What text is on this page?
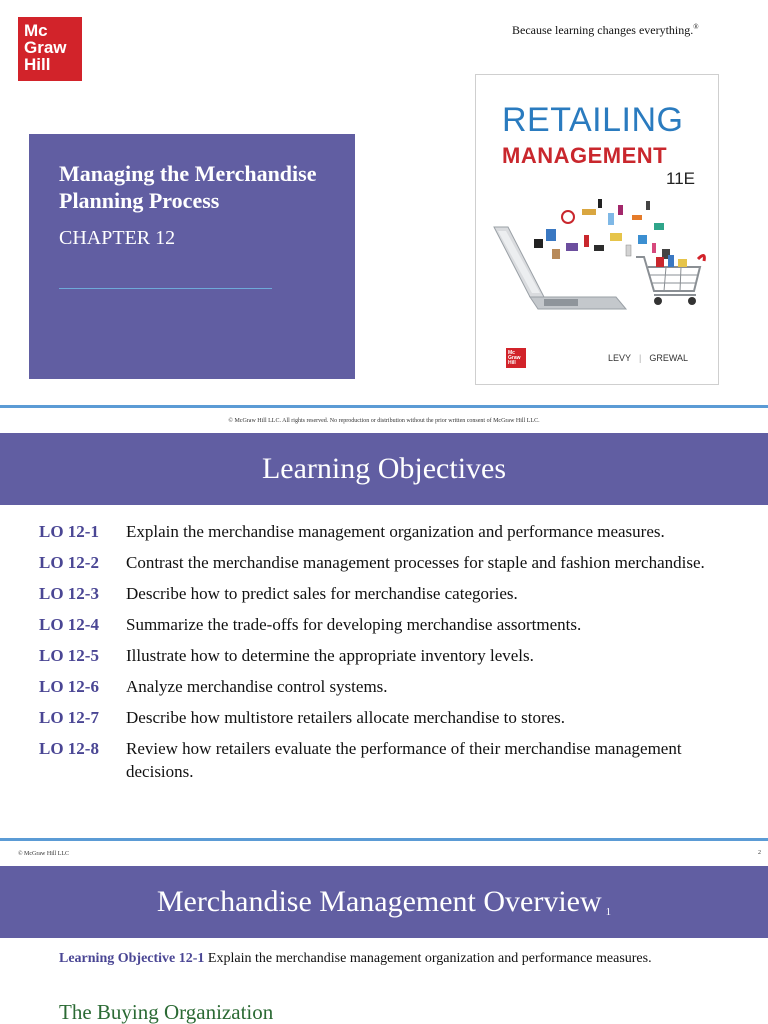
Mc
Graw
Hill
Because learning changes everything.®
Managing the Merchandise Planning Process
CHAPTER 12
RETAILING
MANAGEMENT
11E
Mc
Graw
Hill	LEVY | GREWAL
© McGraw Hill LLC. All rights reserved. No reproduction or distribution without the prior written consent of McGraw Hill LLC.
Learning Objectives
LO 12-1	Explain the merchandise management organization and performance measures.
LO 12-2	Contrast the merchandise management processes for staple and fashion merchandise.
LO 12-3	Describe how to predict sales for merchandise categories.
LO 12-4	Summarize the trade-offs for developing merchandise assortments.
LO 12-5	Illustrate how to determine the appropriate inventory levels.
LO 12-6	Analyze merchandise control systems.
LO 12-7	Describe how multistore retailers allocate merchandise to stores.
LO 12-8	Review how retailers evaluate the performance of their merchandise management decisions.
© McGraw Hill LLC	2
Merchandise Management Overview $^1$
Learning Objective 12-1 Explain the merchandise management organization and performance measures.
The Buying Organization
